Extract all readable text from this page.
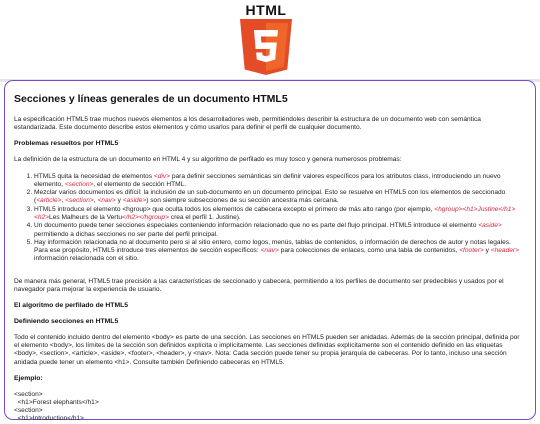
HTML
Secciones y líneas generales de un documento HTML5

La especificación HTML5 trae muchos nuevos elementos a los desarrolladores web, permitiéndoles describir la estructura de un documento web con semántica estandarizada. Este documento describe estos elementos y cómo usarlos para definir el perfil de cualquier documento.

Problemas resueltos por HTML5

La definición de la estructura de un documento en HTML 4 y su algoritmo de perfilado es muy tosco y genera numerosos problemas:

1. HTML5 quita la necesidad de elementos <div> para definir secciones semánticas sin definir valores específicos para los atributos class, introduciendo un nuevo elemento, <section>, el elemento de sección HTML.
2. Mezclar varios documentos es difícil: la inclusión de un sub-documento en un documento principal. Esto se resuelve en HTML5 con los elementos de seccionado (<article>, <section>, <nav> y <aside>) son siempre subsecciones de su sección ancestra más cercana.
3. HTML5 introduce el elemento <hgroup> que oculta todos los elementos de cabecera excepto el primero de más alto rango (por ejemplo, <hgroup><h1>Justine</h1><h2>Les Malheurs de la Vertu</h2></hgroup> crea el perfil 1. Justine).
4. Un documento puede tener secciones especiales conteniendo información relacionado que no es parte del flujo principal. HTML5 introduce el elemento <aside> permitiendo a dichas secciones no ser parte del perfil principal.
5. Hay información relacionada no al documento pero si al sitio entero, como logos, menús, tablas de contenidos, o información de derechos de autor y notas legales. Para ese propósito, HTML5 introduce tres elementos de sección específicos: <nav> para colecciones de enlaces, como una tabla de contenidos, <footer> y <header> información relacionada con el sitio.

De manera más general, HTML5 trae precisión a las características de seccionado y cabecera, permitiendo a los perfiles de documento ser predecibles y usados por el navegador para mejorar la experiencia de usuario.

El algoritmo de perfilado de HTML5
Definiendo secciones en HTML5

Todo el contenido incluido dentro del elemento <body> es parte de una sección. Las secciones en HTML5 pueden ser anidadas. Además de la sección principal, definida por el elemento <body>, los límites de la sección son definidos explícita o implícitamente. Las secciones definidas explícitamente son el contenido definido en las etiquetas <body>, <section>, <article>, <aside>, <footer>, <header>, y <nav>. Nota: Cada sección puede tener su propia jerarquía de cabeceras. Por lo tanto, incluso una sección anidada puede tener un elemento <h1>. Consulte también Definiendo cabeceras en HTML5.

Ejemplo:
<section>
<h1>Forest elephants</h1>
<section>
<h1>Introduction</h1>
